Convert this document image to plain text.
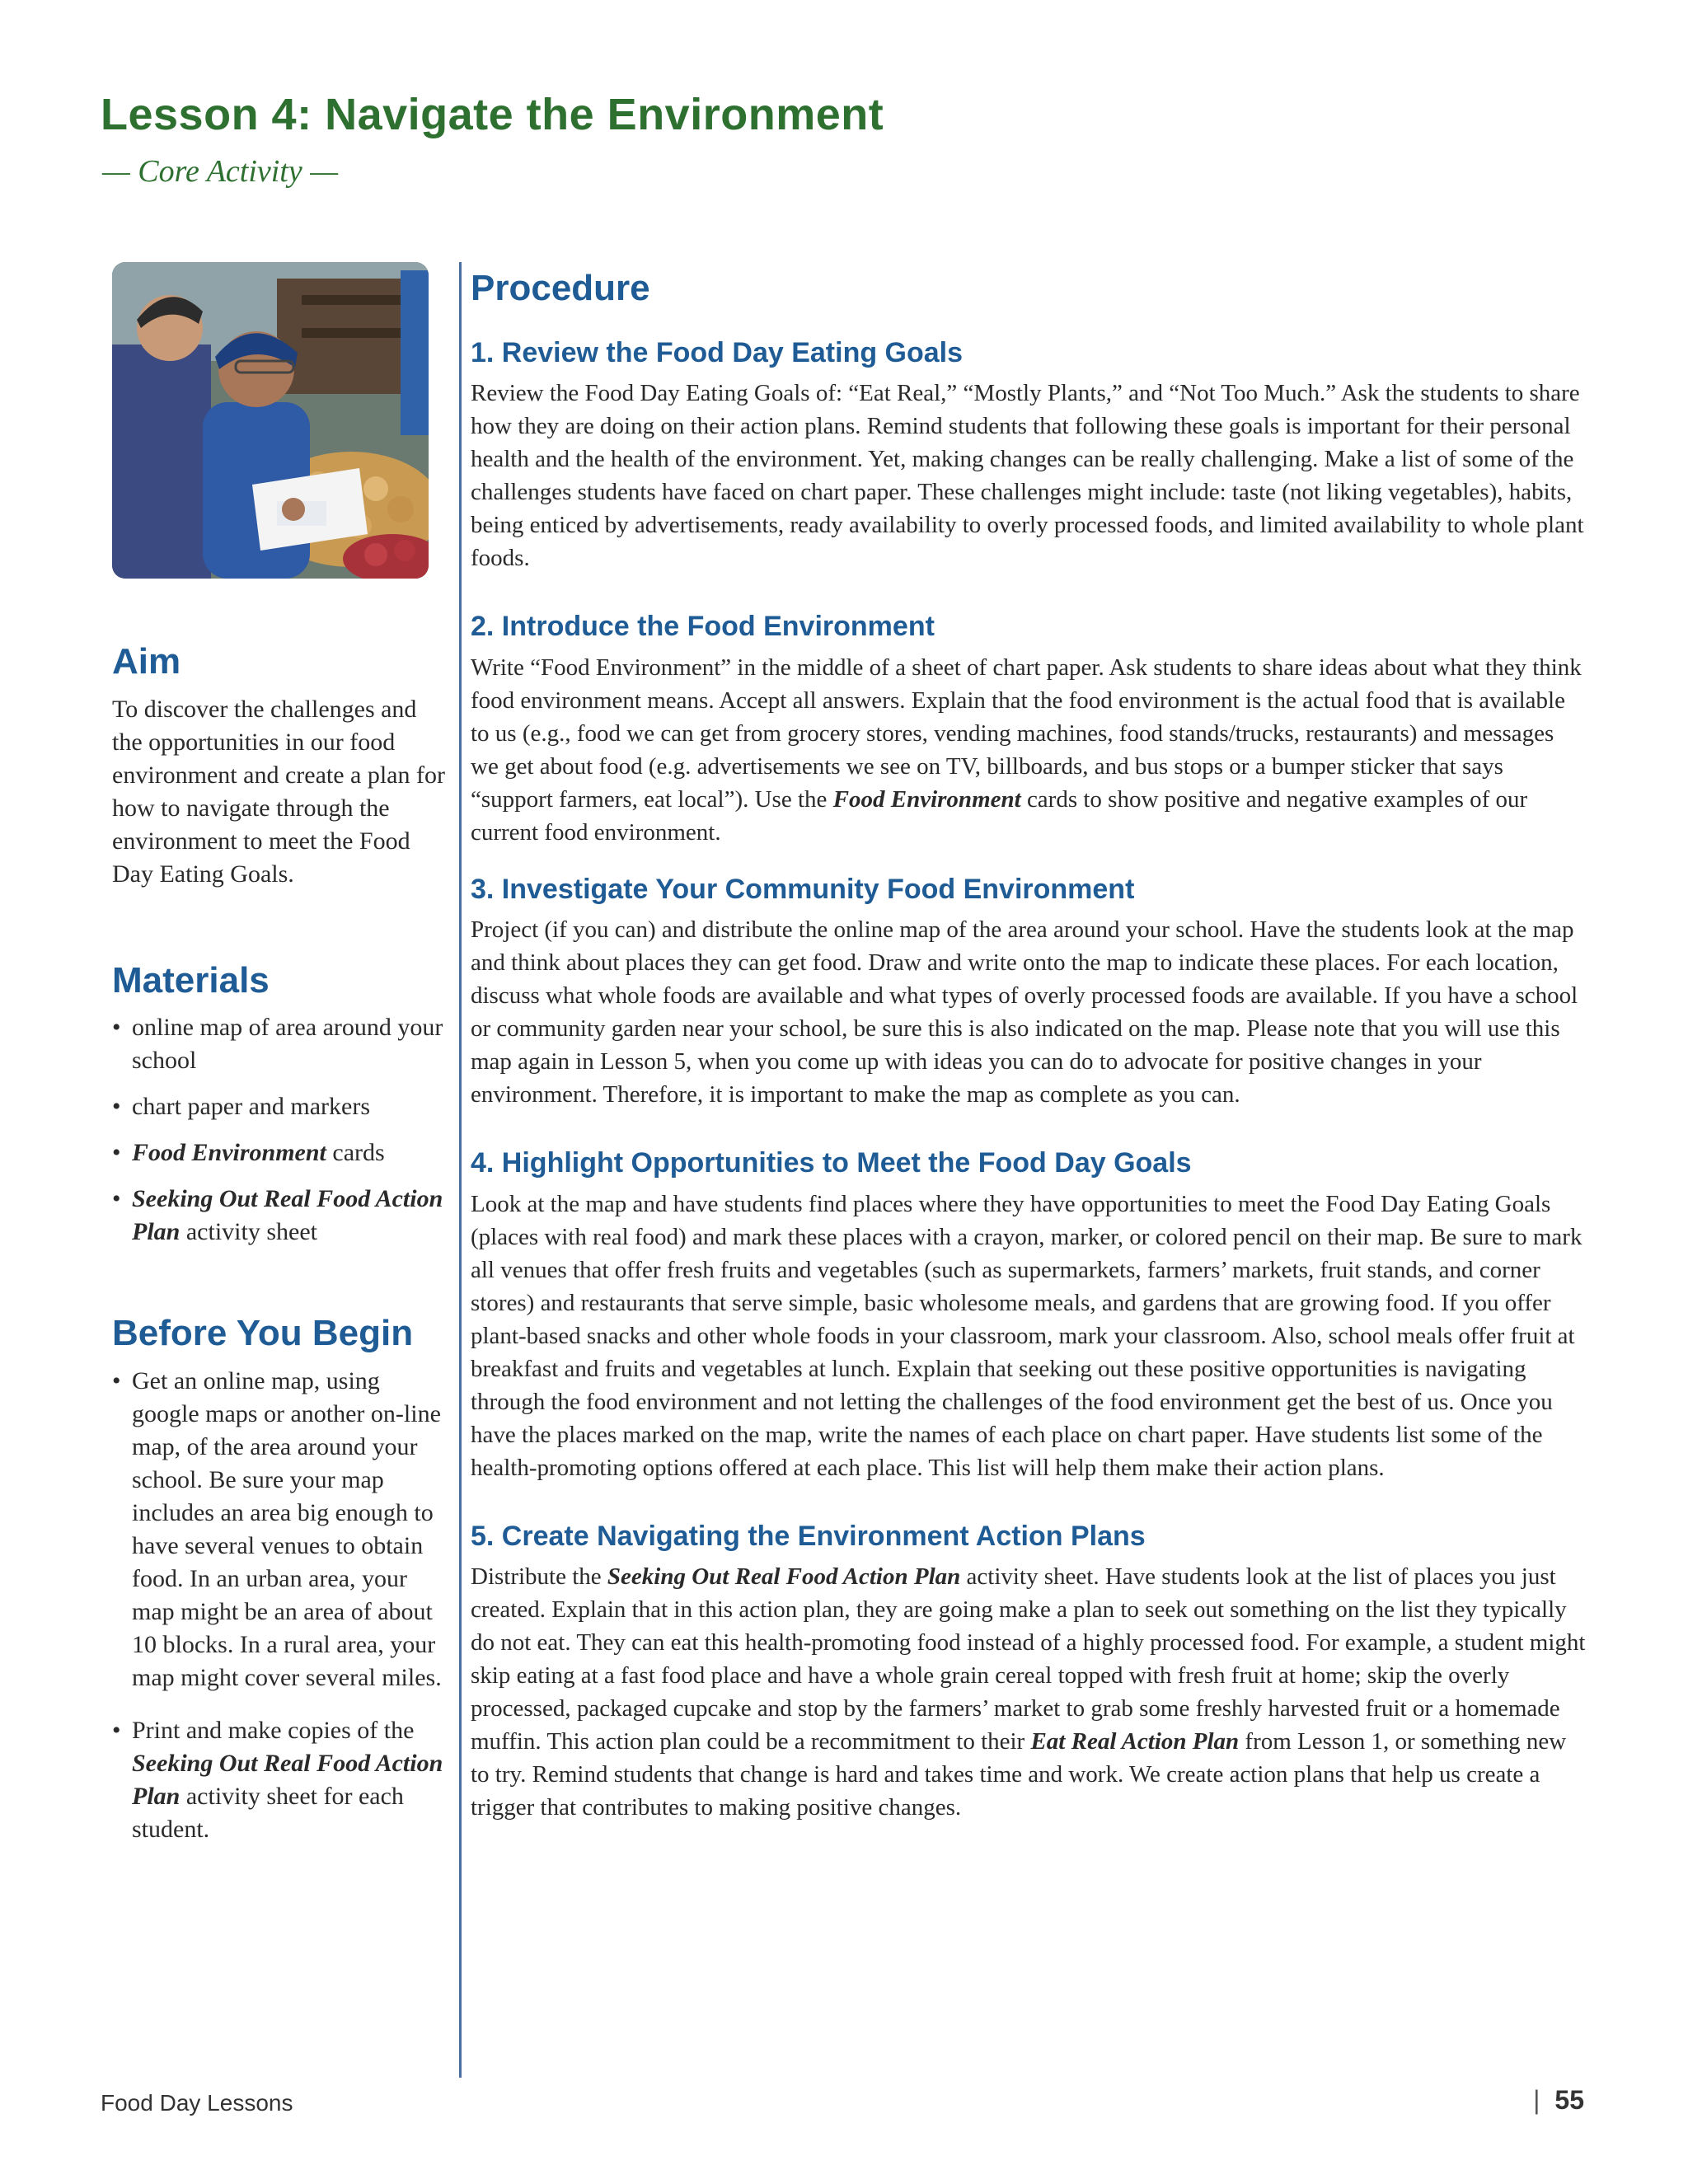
Lesson 4: Navigate the Environment

— Core Activity —

Aim

To discover the challenges and the opportunities in our food environment and create a plan for how to navigate through the environment to meet the Food Day Eating Goals.

Materials
• online map of area around your school
• chart paper and markers
• Food Environment cards
• Seeking Out Real Food Action Plan activity sheet
Before You Begin
• Get an online map, using google maps or another on-line map, of the area around your school. Be sure your map includes an area big enough to have several venues to obtain food. In an urban area, your map might be an area of about 10 blocks. In a rural area, your map might cover several miles.
• Print and make copies of the Seeking Out Real Food Action Plan activity sheet for each student.
Procedure
1. Review the Food Day Eating Goals

Review the Food Day Eating Goals of: “Eat Real,” “Mostly Plants,” and “Not Too Much.” Ask the students to share how they are doing on their action plans. Remind students that following these goals is important for their personal health and the health of the environment. Yet, making changes can be really challenging. Make a list of some of the challenges students have faced on chart paper. These challenges might include: taste (not liking vegetables), habits, being enticed by advertisements, ready availability to overly processed foods, and limited availability to whole plant foods.

2. Introduce the Food Environment

Write “Food Environment” in the middle of a sheet of chart paper. Ask students to share ideas about what they think food environment means. Accept all answers. Explain that the food environment is the actual food that is available to us (e.g., food we can get from grocery stores, vending machines, food stands/trucks, restaurants) and messages we get about food (e.g. advertisements we see on TV, billboards, and bus stops or a bumper sticker that says “support farmers, eat local”). Use the Food Environment cards to show positive and negative examples of our current food environment.

3. Investigate Your Community Food Environment

Project (if you can) and distribute the online map of the area around your school. Have the students look at the map and think about places they can get food. Draw and write onto the map to indicate these places. For each location, discuss what whole foods are available and what types of overly processed foods are available. If you have a school or community garden near your school, be sure this is also indicated on the map. Please note that you will use this map again in Lesson 5, when you come up with ideas you can do to advocate for positive changes in your environment. Therefore, it is important to make the map as complete as you can.

4. Highlight Opportunities to Meet the Food Day Goals

Look at the map and have students find places where they have opportunities to meet the Food Day Eating Goals (places with real food) and mark these places with a crayon, marker, or colored pencil on their map. Be sure to mark all venues that offer fresh fruits and vegetables (such as supermarkets, farmers’ markets, fruit stands, and corner stores) and restaurants that serve simple, basic wholesome meals, and gardens that are growing food. If you offer plant-based snacks and other whole foods in your classroom, mark your classroom. Also, school meals offer fruit at breakfast and fruits and vegetables at lunch. Explain that seeking out these positive opportunities is navigating through the food environment and not letting the challenges of the food environment get the best of us. Once you have the places marked on the map, write the names of each place on chart paper. Have students list some of the health-promoting options offered at each place. This list will help them make their action plans.

5. Create Navigating the Environment Action Plans

Distribute the Seeking Out Real Food Action Plan activity sheet. Have students look at the list of places you just created. Explain that in this action plan, they are going make a plan to seek out something on the list they typically do not eat. They can eat this health-promoting food instead of a highly processed food. For example, a student might skip eating at a fast food place and have a whole grain cereal topped with fresh fruit at home; skip the overly processed, packaged cupcake and stop by the farmers’ market to grab some freshly harvested fruit or a homemade muffin. This action plan could be a recommitment to their Eat Real Action Plan from Lesson 1, or something new to try. Remind students that change is hard and takes time and work. We create action plans that help us create a trigger that contributes to making positive changes.

Food Day Lessons	| 55
